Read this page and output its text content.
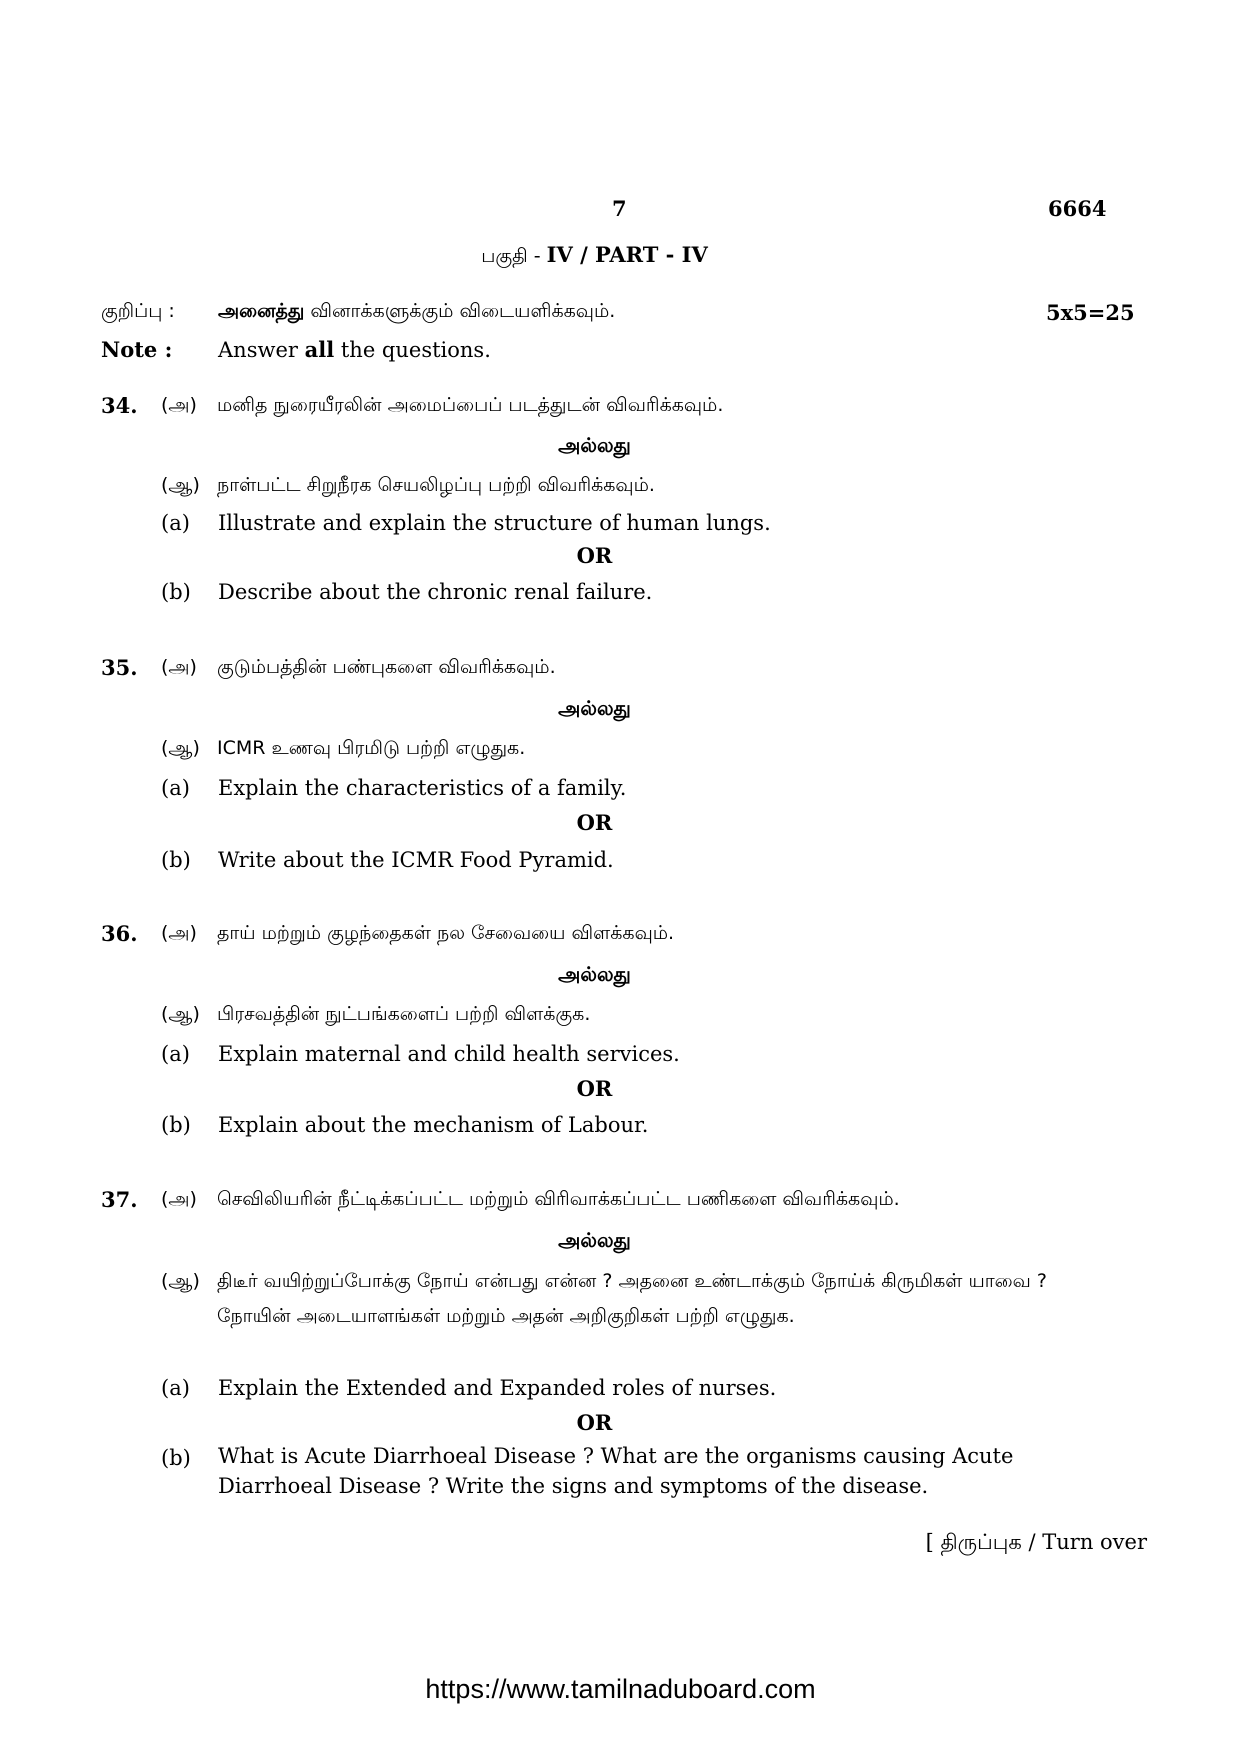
7	6664
பகுதி - IV / PART - IV
குறிப்பு : அனைத்து வினாக்களுக்கும் விடையளிக்கவும்.	5x5=25
Note : Answer all the questions.
34. (அ) மனித நுரையீரலின் அமைப்பைப் படத்துடன் விவரிக்கவும்.
அல்லது
(ஆ) நாள்பட்ட சிறுநீரக செயலிழப்பு பற்றி விவரிக்கவும்.
(a) Illustrate and explain the structure of human lungs.
OR
(b) Describe about the chronic renal failure.
35. (அ) குடும்பத்தின் பண்புகளை விவரிக்கவும்.
அல்லது
(ஆ) ICMR உணவு பிரமிடு பற்றி எழுதுக.
(a) Explain the characteristics of a family.
OR
(b) Write about the ICMR Food Pyramid.
36. (அ) தாய் மற்றும் குழந்தைகள் நல சேவையை விளக்கவும்.
அல்லது
(ஆ) பிரசவத்தின் நுட்பங்களைப் பற்றி விளக்குக.
(a) Explain maternal and child health services.
OR
(b) Explain about the mechanism of Labour.
37. (அ) செவிலியரின் நீட்டிக்கப்பட்ட மற்றும் விரிவாக்கப்பட்ட பணிகளை விவரிக்கவும்.
அல்லது
(ஆ) திடீர் வயிற்றுப்போக்கு நோய் என்பது என்ன ? அதனை உண்டாக்கும் நோய்க் கிருமிகள் யாவை ? நோயின் அடையாளங்கள் மற்றும் அதன் அறிகுறிகள் பற்றி எழுதுக.
(a) Explain the Extended and Expanded roles of nurses.
OR
(b) What is Acute Diarrhoeal Disease ? What are the organisms causing Acute Diarrhoeal Disease ? Write the signs and symptoms of the disease.
[ திருப்புக / Turn over
https://www.tamilnaduboard.com
